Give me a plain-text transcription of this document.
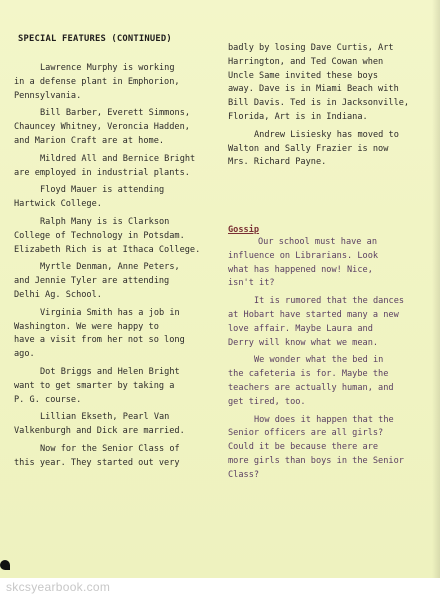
SPECIAL FEATURES (CONTINUED)

Lawrence Murphy is working
in a defense plant in Emphorion,
Pennsylvania.

Bill Barber, Everett Simmons,
Chauncey Whitney, Veroncia Hadden,
and Marion Craft are at home.

Mildred All and Bernice Bright
are employed in industrial plants.

Floyd Mauer is attending
Hartwick College.

Ralph Many is is Clarkson
College of Technology in Potsdam.
Elizabeth Rich is at Ithaca College.

Myrtle Denman, Anne Peters,
and Jennie Tyler are attending
Delhi Ag. School.

Virginia Smith has a job in
Washington. We were happy to
have a visit from her not so long
ago.

Dot Briggs and Helen Bright
want to get smarter by taking a
P. G. course.

Lillian Ekseth, Pearl Van
Valkenburgh and Dick are married.

Now for the Senior Class of
this year. They started out very

badly by losing Dave Curtis, Art
Harrington, and Ted Cowan when
Uncle Same invited these boys
away. Dave is in Miami Beach with
Bill Davis. Ted is in Jacksonville,
Florida, Art is in Indiana.

Andrew Lisiesky has moved to
Walton and Sally Frazier is now
Mrs. Richard Payne.

Gossip

Our school must have an
influence on Librarians. Look
what has happened now! Nice,
isn't it?

It is rumored that the dances
at Hobart have started many a new
love affair. Maybe Laura and
Derry will know what we mean.

We wonder what the bed in
the cafeteria is for. Maybe the
teachers are actually human, and
get tired, too.

How does it happen that the
Senior officers are all girls?
Could it be because there are
more girls than boys in the Senior
Class?

skcsyearbook.com
